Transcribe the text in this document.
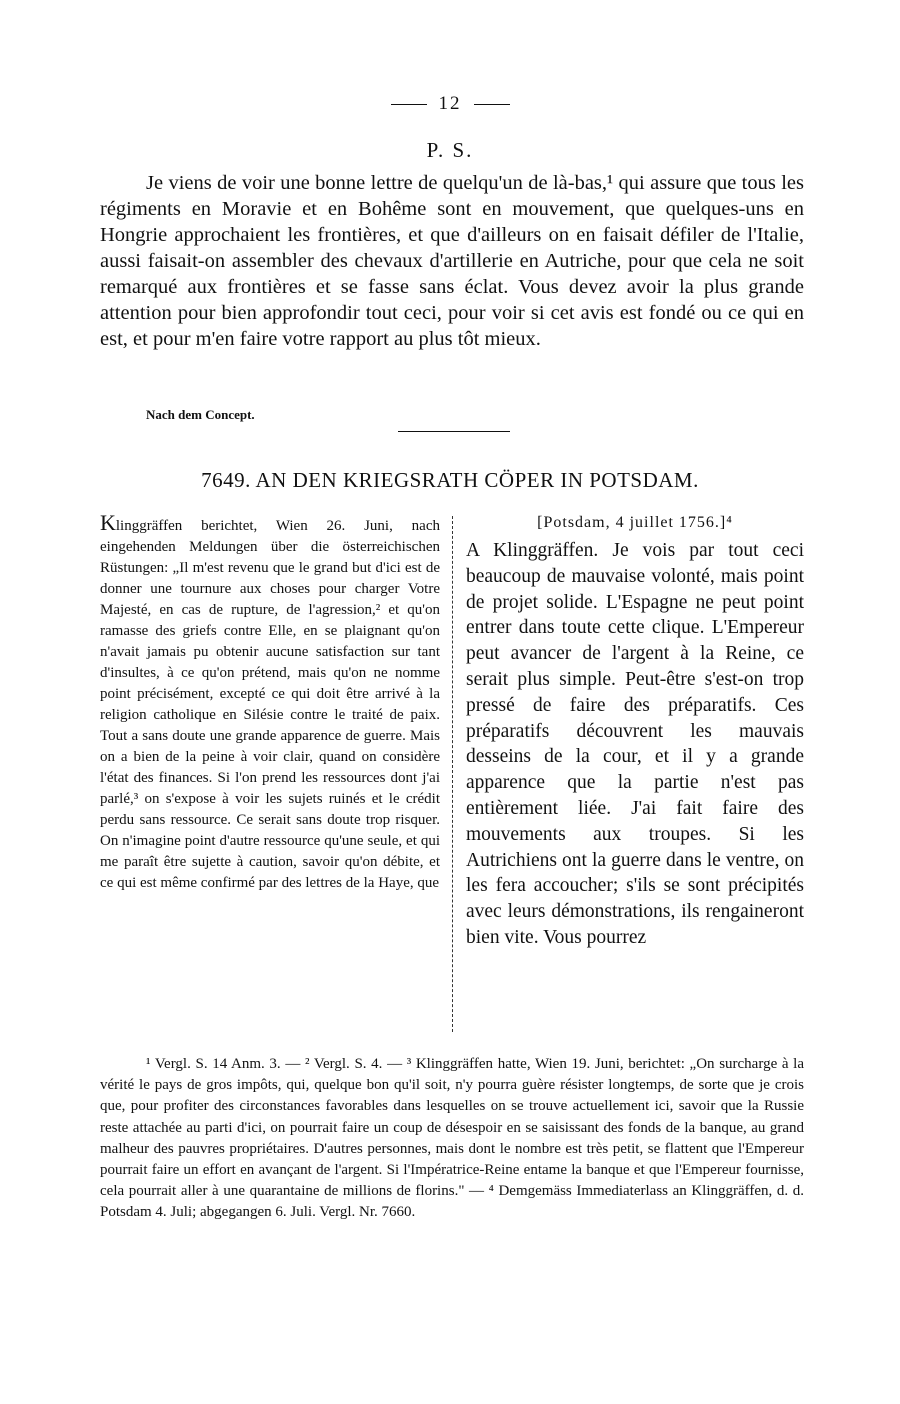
12
P. S.

Je viens de voir une bonne lettre de quelqu'un de là-bas,¹ qui assure que tous les régiments en Moravie et en Bohême sont en mouvement, que quelques-uns en Hongrie approchaient les frontières, et que d'ailleurs on en faisait défiler de l'Italie, aussi faisait-on assembler des chevaux d'artillerie en Autriche, pour que cela ne soit remarqué aux frontières et se fasse sans éclat. Vous devez avoir la plus grande attention pour bien approfondir tout ceci, pour voir si cet avis est fondé ou ce qui en est, et pour m'en faire votre rapport au plus tôt mieux.

Nach dem Concept.
7649. AN DEN KRIEGSRATH CÖPER IN POTSDAM.

Klinggräffen berichtet, Wien 26. Juni, nach eingehenden Meldungen über die österreichischen Rüstungen: „Il m'est revenu que le grand but d'ici est de donner une tournure aux choses pour charger Votre Majesté, en cas de rupture, de l'agression,² et qu'on ramasse des griefs contre Elle, en se plaignant qu'on n'avait jamais pu obtenir aucune satisfaction sur tant d'insultes, à ce qu'on prétend, mais qu'on ne nomme point précisément, excepté ce qui doit être arrivé à la religion catholique en Silésie contre le traité de paix. Tout a sans doute une grande apparence de guerre. Mais on a bien de la peine à voir clair, quand on considère l'état des finances. Si l'on prend les ressources dont j'ai parlé,³ on s'expose à voir les sujets ruinés et le crédit perdu sans ressource. Ce serait sans doute trop risquer. On n'imagine point d'autre ressource qu'une seule, et qui me paraît être sujette à caution, savoir qu'on débite, et ce qui est même confirmé par des lettres de la Haye, que

[Potsdam, 4 juillet 1756.]⁴

A Klinggräffen. Je vois par tout ceci beaucoup de mauvaise volonté, mais point de projet solide. L'Espagne ne peut point entrer dans toute cette clique. L'Empereur peut avancer de l'argent à la Reine, ce serait plus simple. Peut-être s'est-on trop pressé de faire des préparatifs. Ces préparatifs découvrent les mauvais desseins de la cour, et il y a grande apparence que la partie n'est pas entièrement liée. J'ai fait faire des mouvements aux troupes. Si les Autrichiens ont la guerre dans le ventre, on les fera accoucher; s'ils se sont précipités avec leurs démonstrations, ils rengaineront bien vite. Vous pourrez

¹ Vergl. S. 14 Anm. 3. — ² Vergl. S. 4. — ³ Klinggräffen hatte, Wien 19. Juni, berichtet: „On surcharge à la vérité le pays de gros impôts, qui, quelque bon qu'il soit, n'y pourra guère résister longtemps, de sorte que je crois que, pour profiter des circonstances favorables dans lesquelles on se trouve actuellement ici, savoir que la Russie reste attachée au parti d'ici, on pourrait faire un coup de désespoir en se saisissant des fonds de la banque, au grand malheur des pauvres propriétaires. D'autres personnes, mais dont le nombre est très petit, se flattent que l'Empereur pourrait faire un effort en avançant de l'argent. Si l'Impératrice-Reine entame la banque et que l'Empereur fournisse, cela pourrait aller à une quarantaine de millions de florins." — ⁴ Demgemäss Immediaterlass an Klinggräffen, d. d. Potsdam 4. Juli; abgegangen 6. Juli. Vergl. Nr. 7660.
